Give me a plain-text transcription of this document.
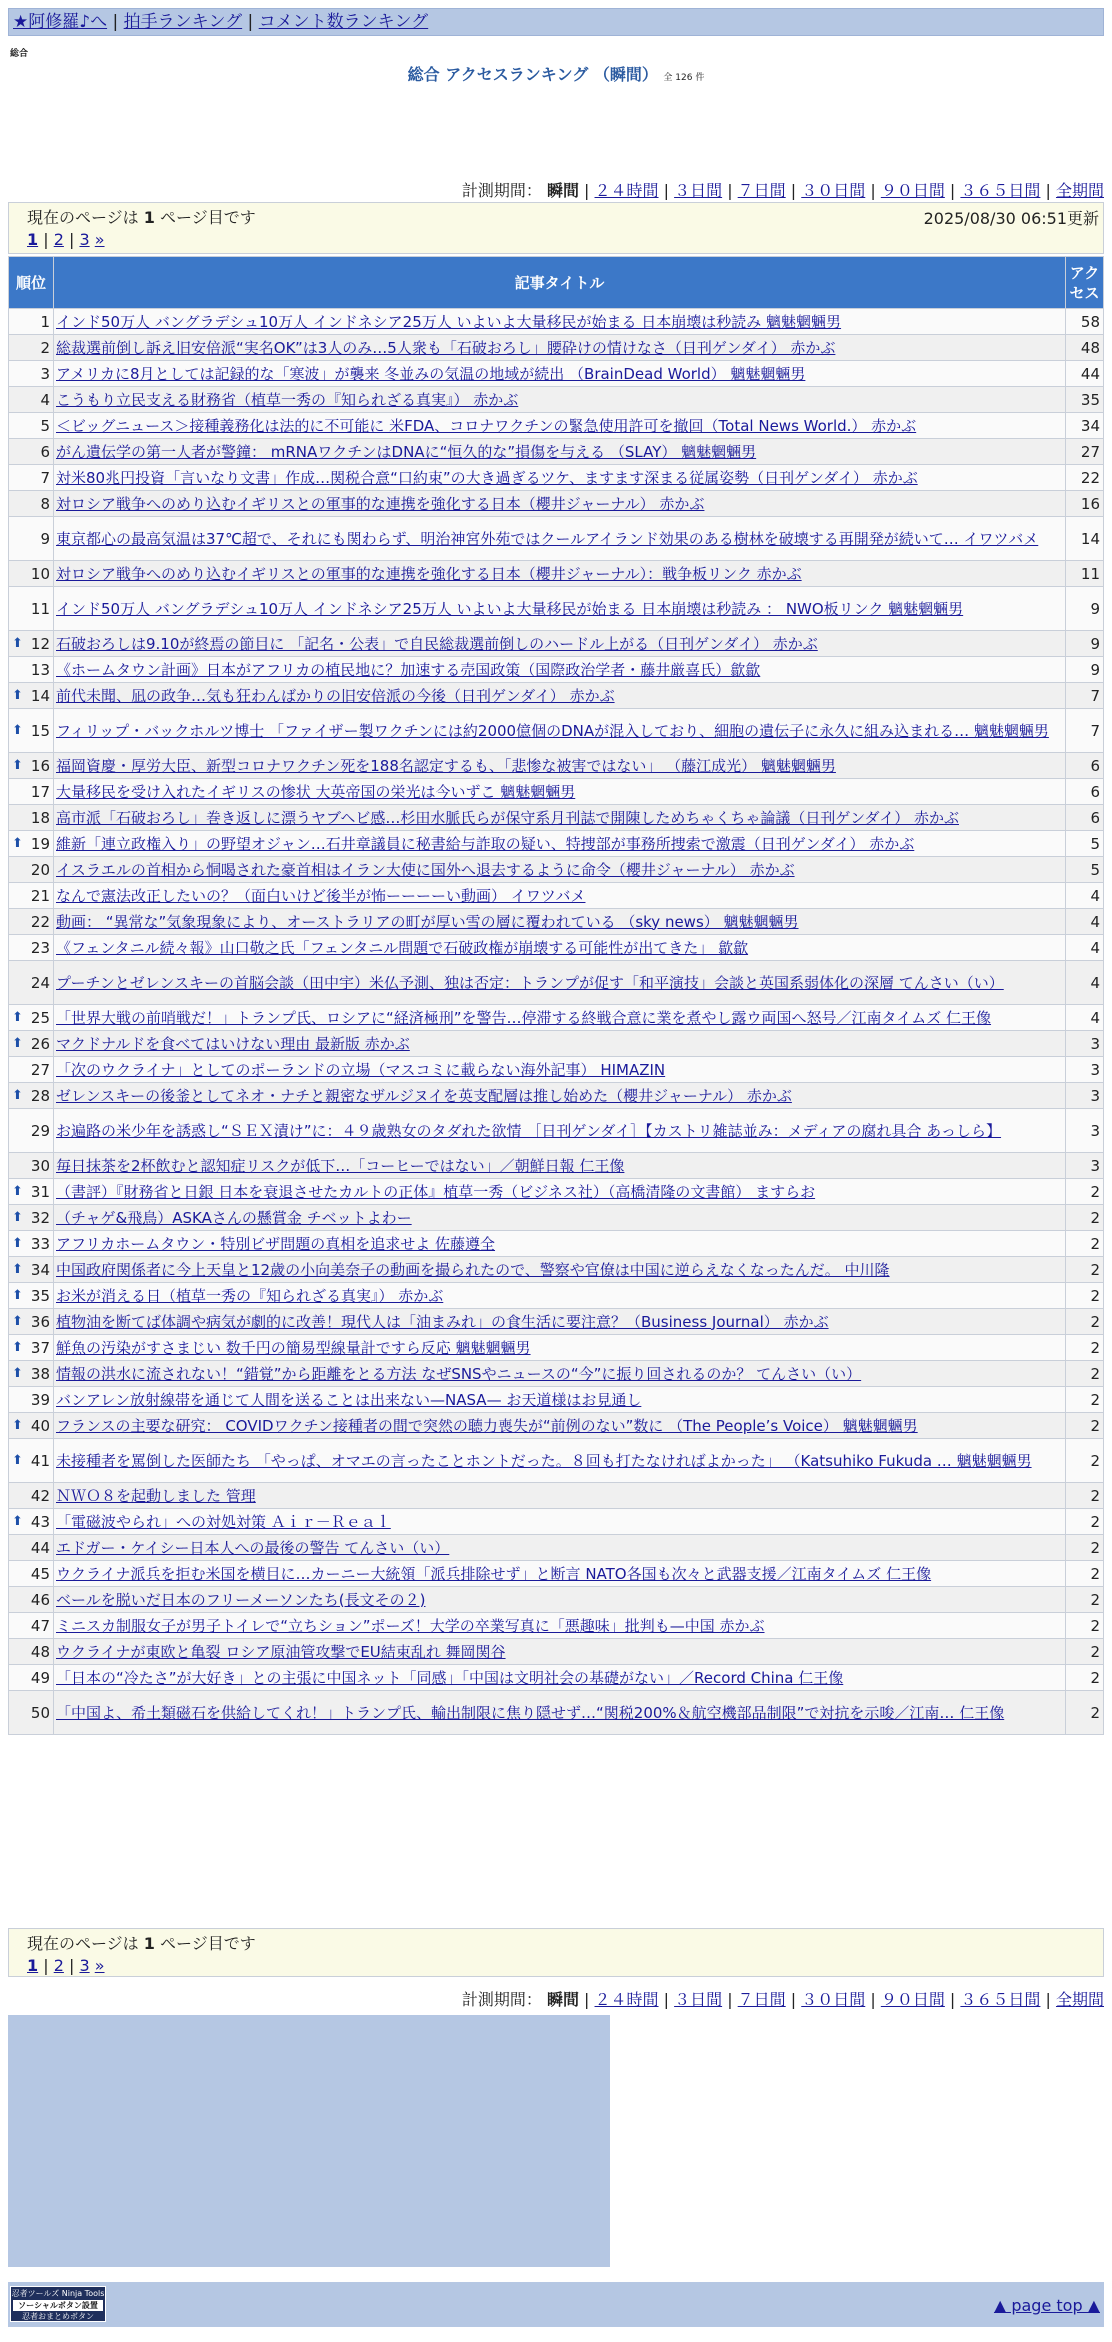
★阿修羅♪へ | 拍手ランキング | コメント数ランキング
総合
総合 アクセスランキング （瞬間） 全 126 件
計測期間： 瞬間 | ２４時間 | ３日間 | ７日間 | ３０日間 | ９０日間 | ３６５日間 | 全期間
現在のページは 1 ページ目です	2025/08/30 06:51更新
1 | 2 | 3 »
順位	記事タイトル	アクセス
1	インド50万人 バングラデシュ10万人 インドネシア25万人 いよいよ大量移民が始まる 日本崩壊は秒読み 魑魅魍魎男	58
2	総裁選前倒し訴え旧安倍派“実名OK”は3人のみ…5人衆も「石破おろし」腰砕けの情けなさ（日刊ゲンダイ） 赤かぶ	48
3	アメリカに8月としては記録的な「寒波」が襲来 冬並みの気温の地域が続出 （BrainDead World） 魑魅魍魎男	44
4	こうもり立民支える財務省（植草一秀の『知られざる真実』） 赤かぶ	35
5	＜ビッグニュース＞接種義務化は法的に不可能に 米FDA、コロナワクチンの緊急使用許可を撤回（Total News World.） 赤かぶ	34
6	がん遺伝学の第一人者が警鐘： mRNAワクチンはDNAに“恒久的な”損傷を与える （SLAY） 魑魅魍魎男	27
7	対米80兆円投資「言いなり文書」作成…関税合意“口約束”の大き過ぎるツケ、ますます深まる従属姿勢（日刊ゲンダイ） 赤かぶ	22
8	対ロシア戦争へのめり込むイギリスとの軍事的な連携を強化する日本（櫻井ジャーナル） 赤かぶ	16
9	東京都心の最高気温は37℃超で、それにも関わらず、明治神宮外苑ではクールアイランド効果のある樹林を破壊する再開発が続いて… イワツバメ	14
10	対ロシア戦争へのめり込むイギリスとの軍事的な連携を強化する日本（櫻井ジャーナル）：戦争板リンク 赤かぶ	11
11	インド50万人 バングラデシュ10万人 インドネシア25万人 いよいよ大量移民が始まる 日本崩壊は秒読み ： NWO板リンク 魑魅魍魎男	9

⬆ 12	石破おろしは9.10が終焉の節目に 「記名・公表」で自民総裁選前倒しのハードル上がる（日刊ゲンダイ） 赤かぶ	9
13	《ホームタウン計画》日本がアフリカの植民地に？加速する売国政策（国際政治学者・藤井厳喜氏）歙歙	9

⬆ 14	前代未聞、凪の政争…気も狂わんばかりの旧安倍派の今後（日刊ゲンダイ） 赤かぶ	7

⬆ 15	フィリップ・バックホルツ博士 「ファイザー製ワクチンには約2000億個のDNAが混入しており、細胞の遺伝子に永久に組み込まれる… 魑魅魍魎男	7

⬆ 16	福岡資慶・厚労大臣、新型コロナワクチン死を188名認定するも、「悲惨な被害ではない」 （藤江成光） 魑魅魍魎男	6
17	大量移民を受け入れたイギリスの惨状 大英帝国の栄光は今いずこ 魑魅魍魎男	6
18	高市派「石破おろし」巻き返しに漂うヤブヘビ感…杉田水脈氏らが保守系月刊誌で開陳しためちゃくちゃ論議（日刊ゲンダイ） 赤かぶ	6

⬆ 19	維新「連立政権入り」の野望オジャン…石井章議員に秘書給与詐取の疑い、特捜部が事務所捜索で激震（日刊ゲンダイ） 赤かぶ	5
20	イスラエルの首相から恫喝された豪首相はイラン大使に国外へ退去するように命令（櫻井ジャーナル） 赤かぶ	5
21	なんで憲法改正したいの？（面白いけど後半が怖ーーーーい動画） イワツバメ	4
22	動画： “異常な”気象現象により、オーストラリアの町が厚い雪の層に覆われている （sky news） 魑魅魍魎男	4
23	《フェンタニル続々報》山口敬之氏「フェンタニル問題で石破政権が崩壊する可能性が出てきた」 歙歙	4
24	プーチンとゼレンスキーの首脳会談（田中宇）米仏予測、独は否定：トランプが促す「和平演技」会談と英国系弱体化の深層 てんさい（い）	4

⬆ 25	「世界大戦の前哨戦だ！」トランプ氏、ロシアに“経済極刑”を警告…停滞する終戦合意に業を煮やし露ウ両国へ怒号／江南タイムズ 仁王像	4

⬆ 26	マクドナルドを食べてはいけない理由 最新版 赤かぶ	3
27	「次のウクライナ」としてのポーランドの立場（マスコミに載らない海外記事） HIMAZIN	3

⬆ 28	ゼレンスキーの後釜としてネオ・ナチと親密なザルジヌイを英支配層は推し始めた（櫻井ジャーナル） 赤かぶ	3
29	お遍路の米少年を誘惑し“ＳＥＸ漬け”に：４９歳熟女のタダれた欲情 ［日刊ゲンダイ］【カストリ雑誌並み：メディアの腐れ具合 あっしら】	3
30	毎日抹茶を2杯飲むと認知症リスクが低下…「コーヒーではない」／朝鮮日報 仁王像	3

⬆ 31	（書評）『財務省と日銀 日本を衰退させたカルトの正体』植草一秀（ビジネス社）（高橋清隆の文書館） ますらお	2

⬆ 32	（チャゲ&飛鳥）ASKAさんの懸賞金 チベットよわー	2

⬆ 33	アフリカホームタウン・特別ビザ問題の真相を追求せよ 佐藤遵全	2

⬆ 34	中国政府関係者に今上天皇と12歳の小向美奈子の動画を撮られたので、警察や官僚は中国に逆らえなくなったんだ。 中川隆	2

⬆ 35	お米が消える日（植草一秀の『知られざる真実』） 赤かぶ	2

⬆ 36	植物油を断てば体調や病気が劇的に改善！現代人は「油まみれ」の食生活に要注意？（Business Journal） 赤かぶ	2

⬆ 37	鮮魚の汚染がすさまじい 数千円の簡易型線量計ですら反応 魑魅魍魎男	2

⬆ 38	情報の洪水に流されない！“錯覚”から距離をとる方法 なぜSNSやニュースの“今”に振り回されるのか？ てんさい（い）	2
39	バンアレン放射線帯を通じて人間を送ることは出来ない—NASA— お天道様はお見通し	2

⬆ 40	フランスの主要な研究： COVIDワクチン接種者の間で突然の聴力喪失が“前例のない”数に （The People’s Voice） 魑魅魍魎男	2

⬆ 41	未接種者を罵倒した医師たち 「やっぱ、オマエの言ったことホントだった。８回も打たなければよかった」 （Katsuhiko Fukuda … 魑魅魍魎男	2
42	ＮＷＯ８を起動しました 管理	2

⬆ 43	「電磁波やられ」への対処対策 Ａｉｒ－Ｒｅａｌ	2
44	エドガー・ケイシー日本人への最後の警告 てんさい（い）	2
45	ウクライナ派兵を拒む米国を横目に…カーニー大統領「派兵排除せず」と断言 NATO各国も次々と武器支援／江南タイムズ 仁王像	2
46	ベールを脱いだ日本のフリーメーソンたち(長文その２)	2
47	ミニスカ制服女子が男子トイレで“立ちション”ポーズ！大学の卒業写真に「悪趣味」批判も—中国 赤かぶ	2
48	ウクライナが東欧と亀裂 ロシア原油管攻撃でEU結束乱れ 舞岡関谷	2
49	「日本の“冷たさ”が大好き」との主張に中国ネット「同感」「中国は文明社会の基礎がない」／Record China 仁王像	2
50	「中国よ、希土類磁石を供給してくれ！」トランプ氏、輸出制限に焦り隠せず…“関税200%＆航空機部品制限”で対抗を示唆／江南… 仁王像	2
現在のページは 1 ページ目です
1 | 2 | 3 »
計測期間： 瞬間 | ２４時間 | ３日間 | ７日間 | ３０日間 | ９０日間 | ３６５日間 | 全期間
忍者ツールズ Ninja Tools
ソーシャルボタン設置
忍者おまとめボタン
▲ page top ▲
